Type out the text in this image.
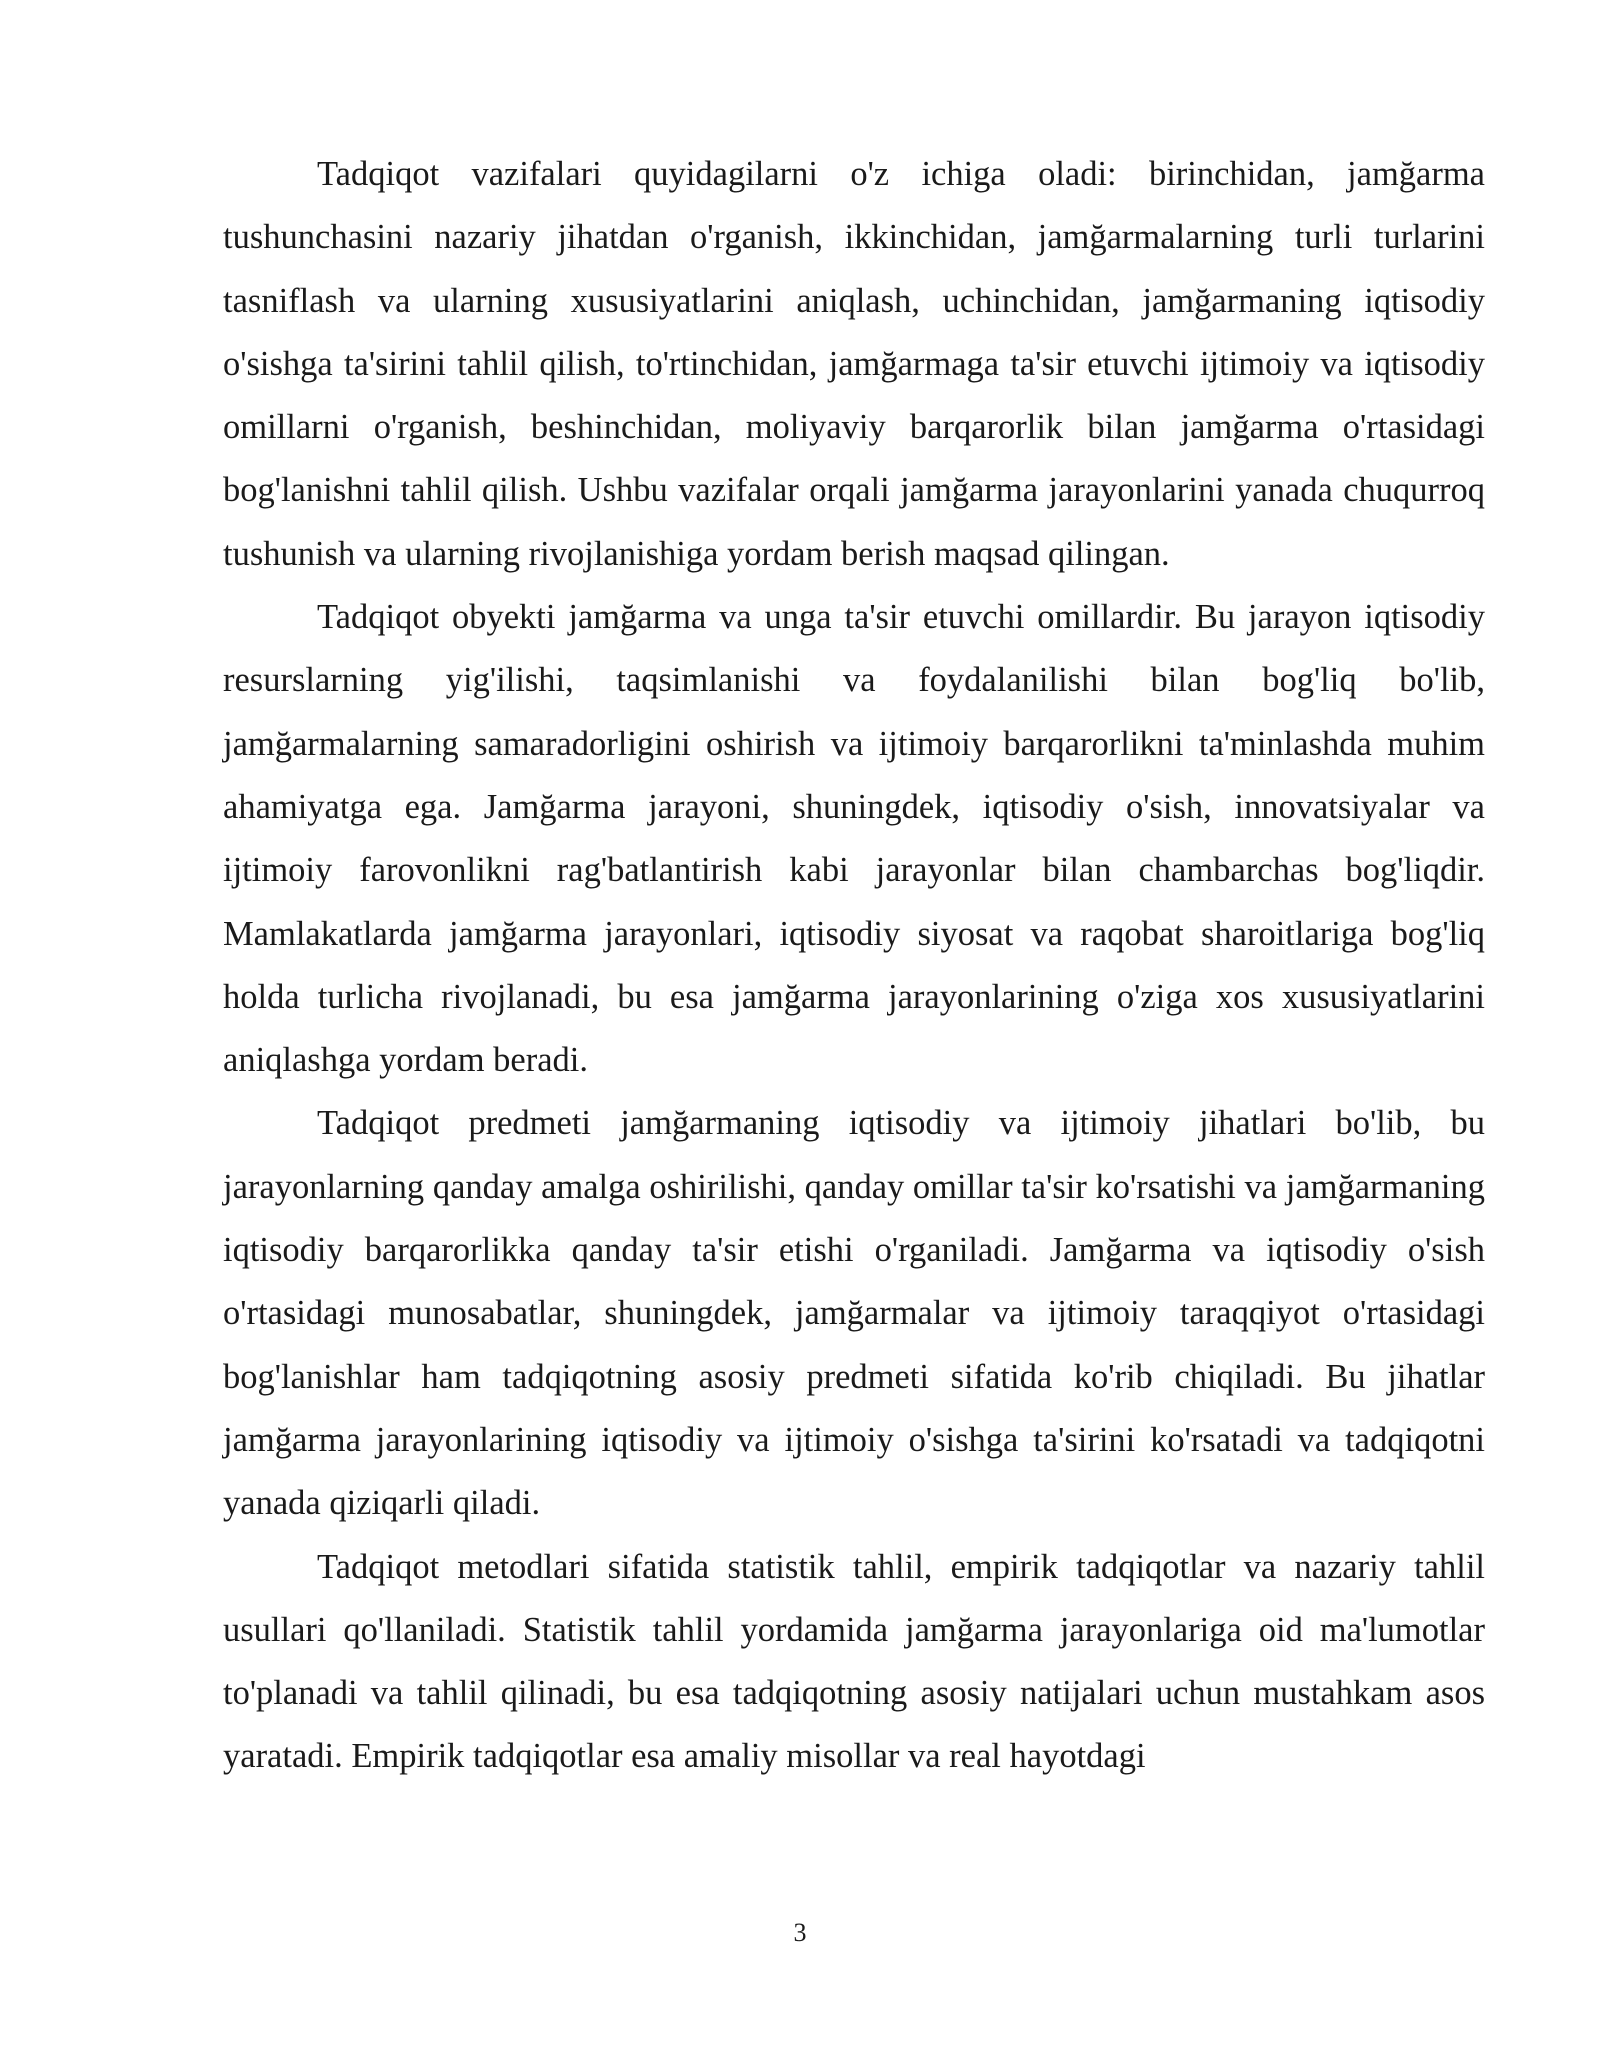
Tadqiqot vazifalari quyidagilarni o'z ichiga oladi: birinchidan, jamğarma tushunchasini nazariy jihatdan o'rganish, ikkinchidan, jamğarmalarning turli turlarini tasniflash va ularning xususiyatlarini aniqlash, uchinchidan, jamğarmaning iqtisodiy o'sishga ta'sirini tahlil qilish, to'rtinchidan, jamğarmaga ta'sir etuvchi ijtimoiy va iqtisodiy omillarni o'rganish, beshinchidan, moliyaviy barqarorlik bilan jamğarma o'rtasidagi bog'lanishni tahlil qilish. Ushbu vazifalar orqali jamğarma jarayonlarini yanada chuqurroq tushunish va ularning rivojlanishiga yordam berish maqsad qilingan.

Tadqiqot obyekti jamğarma va unga ta'sir etuvchi omillardir. Bu jarayon iqtisodiy resurslarning yig'ilishi, taqsimlanishi va foydalanilishi bilan bog'liq bo'lib, jamğarmalarning samaradorligini oshirish va ijtimoiy barqarorlikni ta'minlashda muhim ahamiyatga ega. Jamğarma jarayoni, shuningdek, iqtisodiy o'sish, innovatsiyalar va ijtimoiy farovonlikni rag'batlantirish kabi jarayonlar bilan chambarchas bog'liqdir. Mamlakatlarda jamğarma jarayonlari, iqtisodiy siyosat va raqobat sharoitlariga bog'liq holda turlicha rivojlanadi, bu esa jamğarma jarayonlarining o'ziga xos xususiyatlarini aniqlashga yordam beradi.

Tadqiqot predmeti jamğarmaning iqtisodiy va ijtimoiy jihatlari bo'lib, bu jarayonlarning qanday amalga oshirilishi, qanday omillar ta'sir ko'rsatishi va jamğarmaning iqtisodiy barqarorlikka qanday ta'sir etishi o'rganiladi. Jamğarma va iqtisodiy o'sish o'rtasidagi munosabatlar, shuningdek, jamğarmalar va ijtimoiy taraqqiyot o'rtasidagi bog'lanishlar ham tadqiqotning asosiy predmeti sifatida ko'rib chiqiladi. Bu jihatlar jamğarma jarayonlarining iqtisodiy va ijtimoiy o'sishga ta'sirini ko'rsatadi va tadqiqotni yanada qiziqarli qiladi.

Tadqiqot metodlari sifatida statistik tahlil, empirik tadqiqotlar va nazariy tahlil usullari qo'llaniladi. Statistik tahlil yordamida jamğarma jarayonlariga oid ma'lumotlar to'planadi va tahlil qilinadi, bu esa tadqiqotning asosiy natijalari uchun mustahkam asos yaratadi. Empirik tadqiqotlar esa amaliy misollar va real hayotdagi

3
